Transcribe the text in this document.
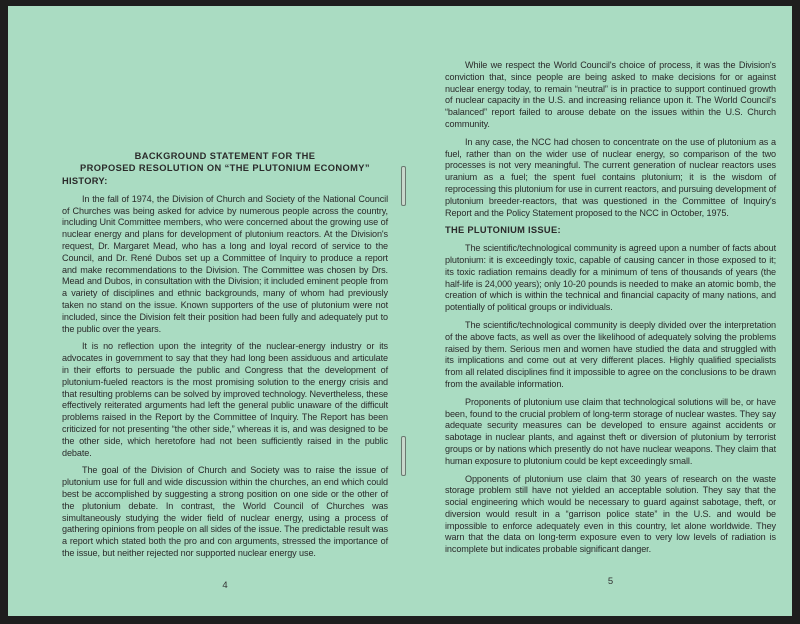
BACKGROUND STATEMENT FOR THE
PROPOSED RESOLUTION ON “THE PLUTONIUM ECONOMY”
HISTORY:

In the fall of 1974, the Division of Church and Society of the National Council of Churches was being asked for advice by numerous people across the country, including Unit Committee members, who were concerned about the growing use of nuclear energy and plans for development of plutonium reactors. At the Division's request, Dr. Margaret Mead, who has a long and loyal record of service to the Council, and Dr. René Dubos set up a Committee of Inquiry to produce a report and make recommendations to the Division. The Committee was chosen by Drs. Mead and Dubos, in consultation with the Division; it included eminent people from a variety of disciplines and ethnic backgrounds, many of whom had previously taken no stand on the issue. Known supporters of the use of plutonium were not included, since the Division felt their position had been fully and adequately put to the public over the years.

It is no reflection upon the integrity of the nuclear-energy industry or its advocates in government to say that they had long been assiduous and articulate in their efforts to persuade the public and Congress that the development of plutonium-fueled reactors is the most promising solution to the energy crisis and that resulting problems can be solved by improved technology. Nevertheless, these effectively reiterated arguments had left the general public unaware of the difficult problems raised in the Report by the Committee of Inquiry. The Report has been criticized for not presenting “the other side,” whereas it is, and was designed to be the other side, which heretofore had not been sufficiently raised in the public debate.

The goal of the Division of Church and Society was to raise the issue of plutonium use for full and wide discussion within the churches, an end which could best be accomplished by suggesting a strong position on one side or the other of the plutonium debate. In contrast, the World Council of Churches was simultaneously studying the wider field of nuclear energy, using a process of gathering opinions from people on all sides of the issue. The predictable result was a report which stated both the pro and con arguments, stressed the importance of the issue, but neither rejected nor supported nuclear energy use.

4

While we respect the World Council's choice of process, it was the Division's conviction that, since people are being asked to make decisions for or against nuclear energy today, to remain “neutral” is in practice to support continued growth of nuclear capacity in the U.S. and increasing reliance upon it. The World Council's “balanced” report failed to arouse debate on the issues within the U.S. Church community.

In any case, the NCC had chosen to concentrate on the use of plutonium as a fuel, rather than on the wider use of nuclear energy, so comparison of the two processes is not very meaningful. The current generation of nuclear reactors uses uranium as a fuel; the spent fuel contains plutonium; it is the wisdom of reprocessing this plutonium for use in current reactors, and pursuing development of plutonium breeder-reactors, that was questioned in the Committee of Inquiry's Report and the Policy Statement proposed to the NCC in October, 1975.

THE PLUTONIUM ISSUE:

The scientific/technological community is agreed upon a number of facts about plutonium: it is exceedingly toxic, capable of causing cancer in those exposed to it; its toxic radiation remains deadly for a minimum of tens of thousands of years (the half-life is 24,000 years); only 10-20 pounds is needed to make an atomic bomb, the creation of which is within the technical and financial capacity of many nations, and potentially of political groups or individuals.

The scientific/technological community is deeply divided over the interpretation of the above facts, as well as over the likelihood of adequately solving the problems raised by them. Serious men and women have studied the data and struggled with its implications and come out at very different places. Highly qualified specialists from all related disciplines find it impossible to agree on the conclusions to be drawn from the available information.

Proponents of plutonium use claim that technological solutions will be, or have been, found to the crucial problem of long-term storage of nuclear wastes. They say adequate security measures can be developed to ensure against accidents or sabotage in nuclear plants, and against theft or diversion of plutonium by terrorist groups or by nations which presently do not have nuclear weapons. They claim that human exposure to plutonium could be kept exceedingly small.

Opponents of plutonium use claim that 30 years of research on the waste storage problem still have not yielded an acceptable solution. They say that the social engineering which would be necessary to guard against sabotage, theft, or diversion would result in a “garrison police state” in the U.S. and would be impossible to enforce adequately even in this country, let alone worldwide. They warn that the data on long-term exposure even to very low levels of radiation is incomplete but indicates probable significant danger.

5
